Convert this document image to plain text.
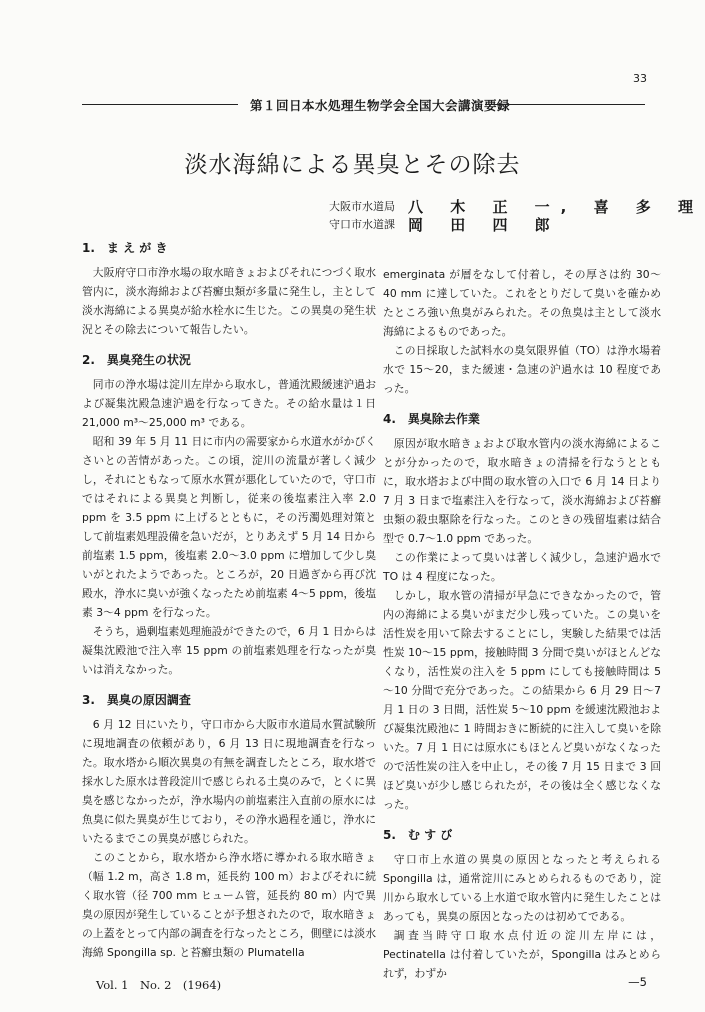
33
第１回日本水処理生物学会全国大会講演要録
淡水海綿による異臭とその除去
大阪市水道局
守口市水道課
八 木 正 一, 喜 多 理
岡 田 四 郎
1.　ま え が き

大阪府守口市浄水場の取水暗きょおよびそれにつづく取水管内に，淡水海綿および苔癬虫類が多量に発生し，主として淡水海綿による異臭が給水栓水に生じた。この異臭の発生状況とその除去について報告したい。

2.　異臭発生の状況

同市の浄水場は淀川左岸から取水し，普通沈殿緩速沪過および凝集沈殿急速沪過を行なってきた。その給水量は１日 21,000 m³～25,000 m³ である。

昭和 39 年 5 月 11 日に市内の需要家から水道水がかびくさいとの苦情があった。この頃，淀川の流量が著しく減少し，それにともなって原水水質が悪化していたので，守口市ではそれによる異臭と判断し，従来の後塩素注入率 2.0 ppm を 3.5 ppm に上げるとともに，その汚濁処理対策として前塩素処理設備を急いだが，とりあえず 5 月 14 日から前塩素 1.5 ppm，後塩素 2.0～3.0 ppm に増加して少し臭いがとれたようであった。ところが，20 日過ぎから再び沈殿水，浄水に臭いが強くなったため前塩素 4～5 ppm，後塩素 3～4 ppm を行なった。

そうち，過剰塩素処理施設ができたので，6 月 1 日からは凝集沈殿池で注入率 15 ppm の前塩素処理を行なったが臭いは消えなかった。

3.　異臭の原因調査

6 月 12 日にいたり，守口市から大阪市水道局水質試験所に現地調査の依頼があり，6 月 13 日に現地調査を行なった。取水塔から順次異臭の有無を調査したところ，取水塔で採水した原水は普段淀川で感じられる土臭のみで，とくに異臭を感じなかったが，浄水場内の前塩素注入直前の原水には魚臭に似た異臭が生じており，その浄水過程を通じ，浄水にいたるまでこの異臭が感じられた。

このことから，取水塔から浄水塔に導かれる取水暗きょ（幅 1.2 m，高さ 1.8 m，延長約 100 m）およびそれに続く取水管（径 700 mm ヒューム管，延長約 80 m）内で異臭の原因が発生していることが予想されたので，取水暗きょの上蓋をとって内部の調査を行なったところ，側壁には淡水海綿 Spongilla sp. と苔癬虫類の Plumatella

emerginata が層をなして付着し，その厚さは約 30～40 mm に達していた。これをとりだして臭いを確かめたところ強い魚臭がみられた。その魚臭は主として淡水海綿によるものであった。

この日採取した試料水の臭気限界値（TO）は浄水場着水で 15～20，また緩速・急速の沪過水は 10 程度であった。

4.　異臭除去作業

原因が取水暗きょおよび取水管内の淡水海綿によることが分かったので，取水暗きょの清掃を行なうとともに，取水塔および中間の取水管の入口で 6 月 14 日より 7 月 3 日まで塩素注入を行なって，淡水海綿および苔癬虫類の殺虫駆除を行なった。このときの残留塩素は結合型で 0.7～1.0 ppm であった。

この作業によって臭いは著しく減少し，急速沪過水で TO は 4 程度になった。

しかし，取水管の清掃が早急にできなかったので，管内の海綿による臭いがまだ少し残っていた。この臭いを活性炭を用いて除去することにし，実験した結果では活性炭 10～15 ppm，接触時間 3 分間で臭いがほとんどなくなり，活性炭の注入を 5 ppm にしても接触時間は 5～10 分間で充分であった。この結果から 6 月 29 日～7 月 1 日の 3 日間，活性炭 5～10 ppm を緩速沈殿池および凝集沈殿池に 1 時間おきに断続的に注入して臭いを除いた。7 月 1 日には原水にもほとんど臭いがなくなったので活性炭の注入を中止し，その後 7 月 15 日まで 3 回ほど臭いが少し感じられたが，その後は全く感じなくなった。

5.　む す び

守口市上水道の異臭の原因となったと考えられる Spongilla は，通常淀川にみとめられるものであり，淀川から取水している上水道で取水管内に発生したことはあっても，異臭の原因となったのは初めてである。

調査当時守口取水点付近の淀川左岸には，Pectinatella は付着していたが，Spongilla はみとめられず，わずか

Vol. 1　No. 2　(1964)	—5
